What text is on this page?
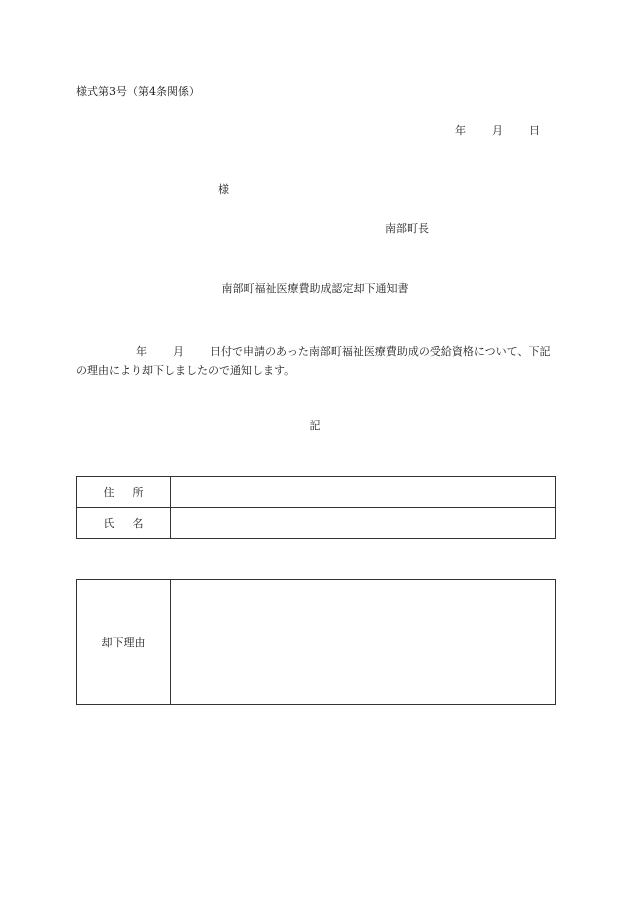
様式第3号（第4条関係）
年 月 日
様
南部町長
南部町福祉医療費助成認定却下通知書
年 月 日付で申請のあった南部町福祉医療費助成の受給資格について、下記の理由により却下しましたので通知します。
記
住 所	
氏 名	
却下理由	
